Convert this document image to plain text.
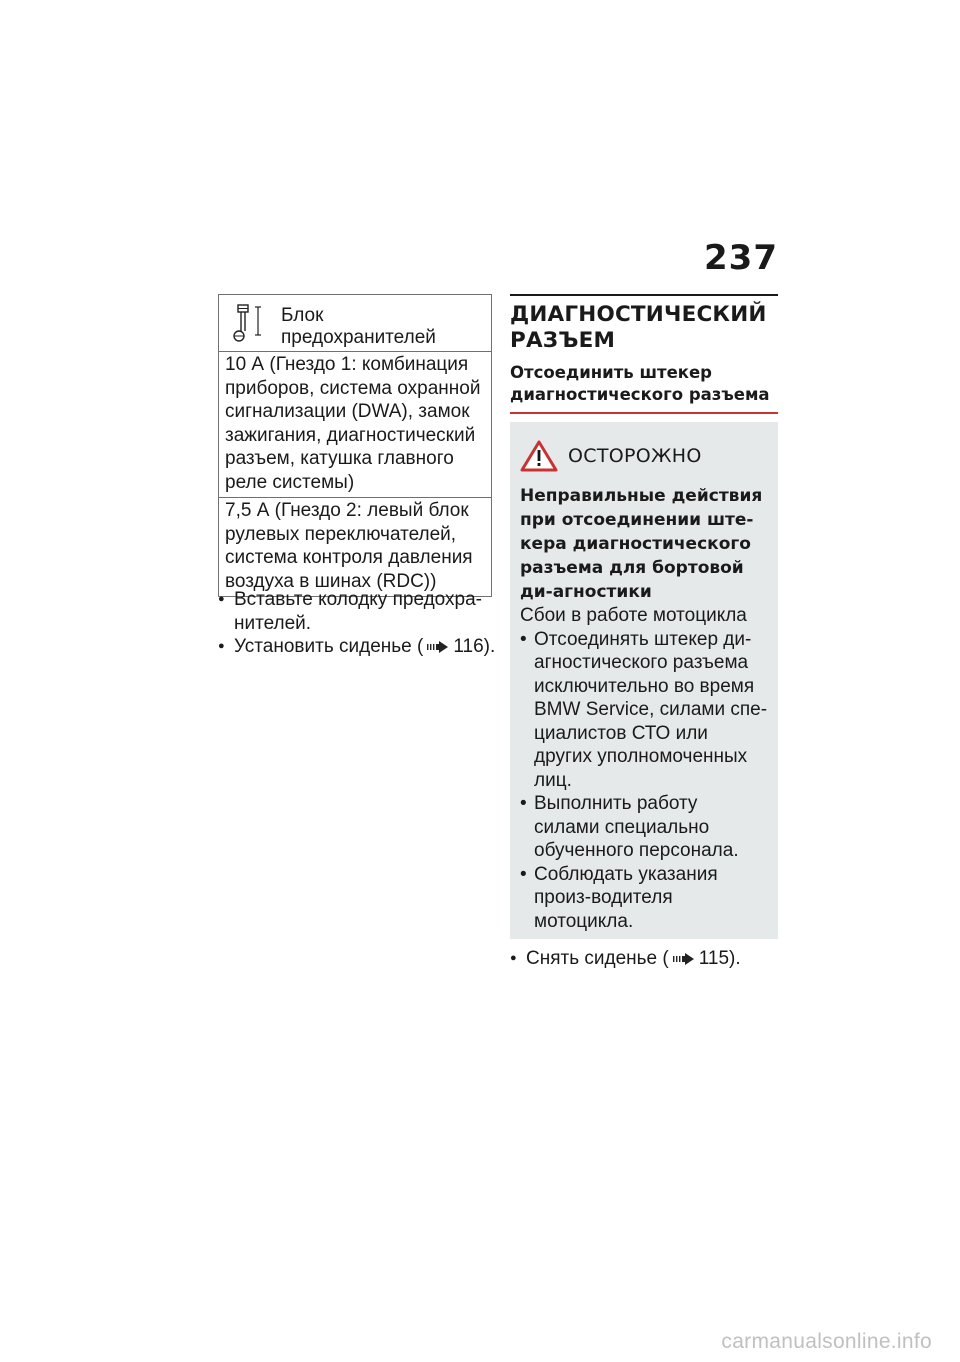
237
Блок предохранителей
10 А (Гнездо 1: комбинация приборов, система охранной сигнализации (DWA), замок зажигания, диагностический разъем, катушка главного реле системы)
7,5 А (Гнездо 2: левый блок рулевых переключателей, система контроля давления воздуха в шинах (RDC))
● Вставьте колодку предохра-нителей.
● Установить сиденье ( 116).
ДИАГНОСТИЧЕСКИЙ РАЗЪЕМ
Отсоединить штекер диагностического разъема
ОСТОРОЖНО
Неправильные действия при отсоединении ште-кера диагностического разъема для бортовой ди-агностики
Сбои в работе мотоцикла
• Отсоединять штекер ди-агностического разъема исключительно во время BMW Service, силами спе-циалистов СТО или других уполномоченных лиц.
• Выполнить работу силами специально обученного персонала.
• Соблюдать указания произ-водителя мотоцикла.
● Снять сиденье ( 115).
carmanualsonline.info
